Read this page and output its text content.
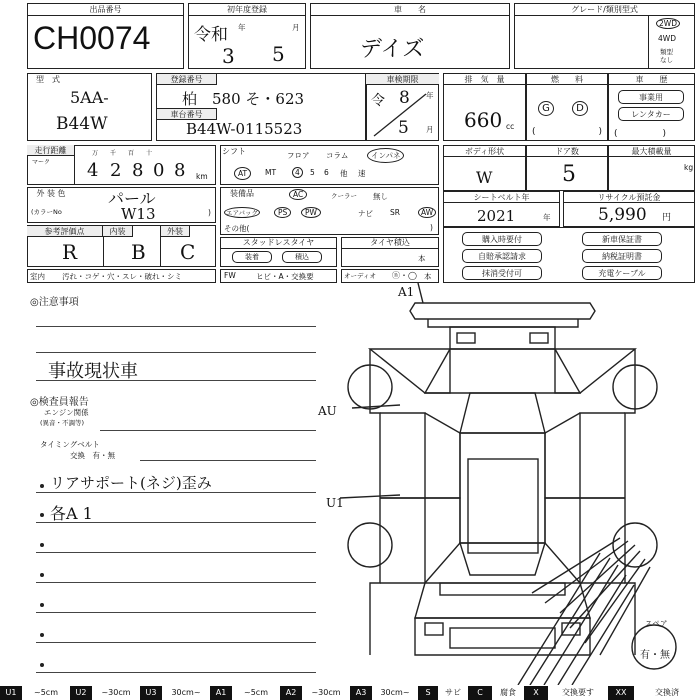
出品番号
CH0074
初年度登録
令和
3
年
5
月
車　　名
デイズ
グレード/類別型式
2WD
4WD
類型
なし
型　式
5AA-
B44W
登録番号
柏　580 そ・623
車台番号
B44W-0115523
車検期限
令 8 年
5 月
排　気　量
660 cc
燃　　料
G	D
(　　　　　　　)
車　　歴
事業用
レンタカー
(　　　　　)
走行距離
マーク 4 2 8 0 8 km
万千百十	シフト	フロア コラム	インパネ
AT	MT	4	5 6 他 速
ボディ形状
W
ドア数
5
最大積載量
kg
外 装 色
(カラーNo
パール
W13	)
装備品	AC	クーラー 無し
エアバッグ	PS	PW	ナビ SR	AW
その他(	)
シートベルト年
2021	年
リサイクル預託金
5,990 円
参考評価点	内装	外装
R	B C	スタッドレスタイヤ
装着	積込
タイヤ積込
本
購入時要付
自賠承認請求
抹消受付可
新車保証書
納税証明書
充電ケーブル
室内 汚れ・コゲ・穴・スレ・破れ・シミ	FW	ヒビ・A・交換要	オーディオ ⓝ・◯ 本
◎注意事項
事故現状車
◎検査員報告
エンジン関係
(異音・不調等)
タイミングベルト
交換　有・無
リアサポート(ネジ)歪み
各A 1
A1
AU
U1
スペア
有・無
U1	~5cm	U2	~30cm	U3	30cm~	A1	~5cm	A2	~30cm	A3	30cm~	S	サビ	C	腐食	X	交換要す	XX	交換済
